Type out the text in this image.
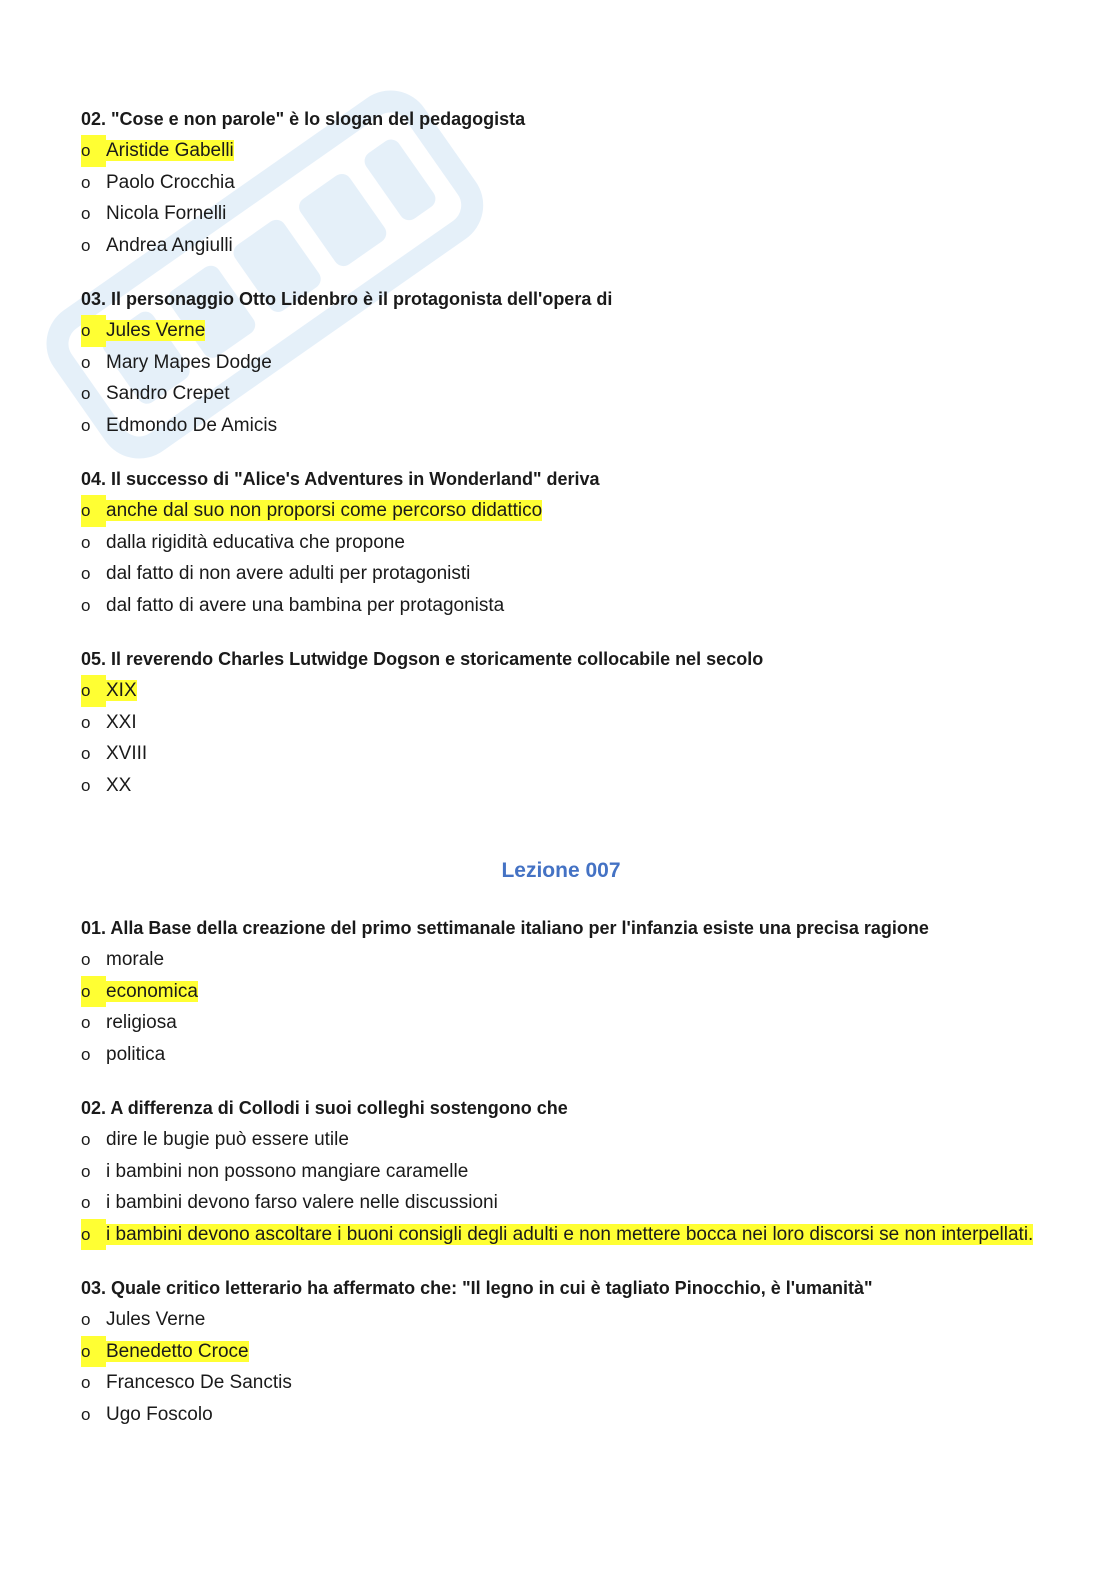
02. "Cose e non parole" è lo slogan del pedagogista
o Aristide Gabelli
o Paolo Crocchia
o Nicola Fornelli
o Andrea Angiulli
03. Il personaggio Otto Lidenbro è il protagonista dell'opera di
o Jules Verne
o Mary Mapes Dodge
o Sandro Crepet
o Edmondo De Amicis
04. Il successo di "Alice's Adventures in Wonderland" deriva
o anche dal suo non proporsi come percorso didattico
o dalla rigidità educativa che propone
o dal fatto di non avere adulti per protagonisti
o dal fatto di avere una bambina per protagonista
05. Il reverendo Charles Lutwidge Dogson e storicamente collocabile nel secolo
o XIX
o XXI
o XVIII
o XX
Lezione 007
01. Alla Base della creazione del primo settimanale italiano per l'infanzia esiste una precisa ragione
o morale
o economica
o religiosa
o politica
02. A differenza di Collodi i suoi colleghi sostengono che
o dire le bugie può essere utile
o i bambini non possono mangiare caramelle
o i bambini devono farso valere nelle discussioni
o i bambini devono ascoltare i buoni consigli degli adulti e non mettere bocca nei loro discorsi se non interpellati.
03. Quale critico letterario ha affermato che: "Il legno in cui è tagliato Pinocchio, è l'umanità"
o Jules Verne
o Benedetto Croce
o Francesco De Sanctis
o Ugo Foscolo
